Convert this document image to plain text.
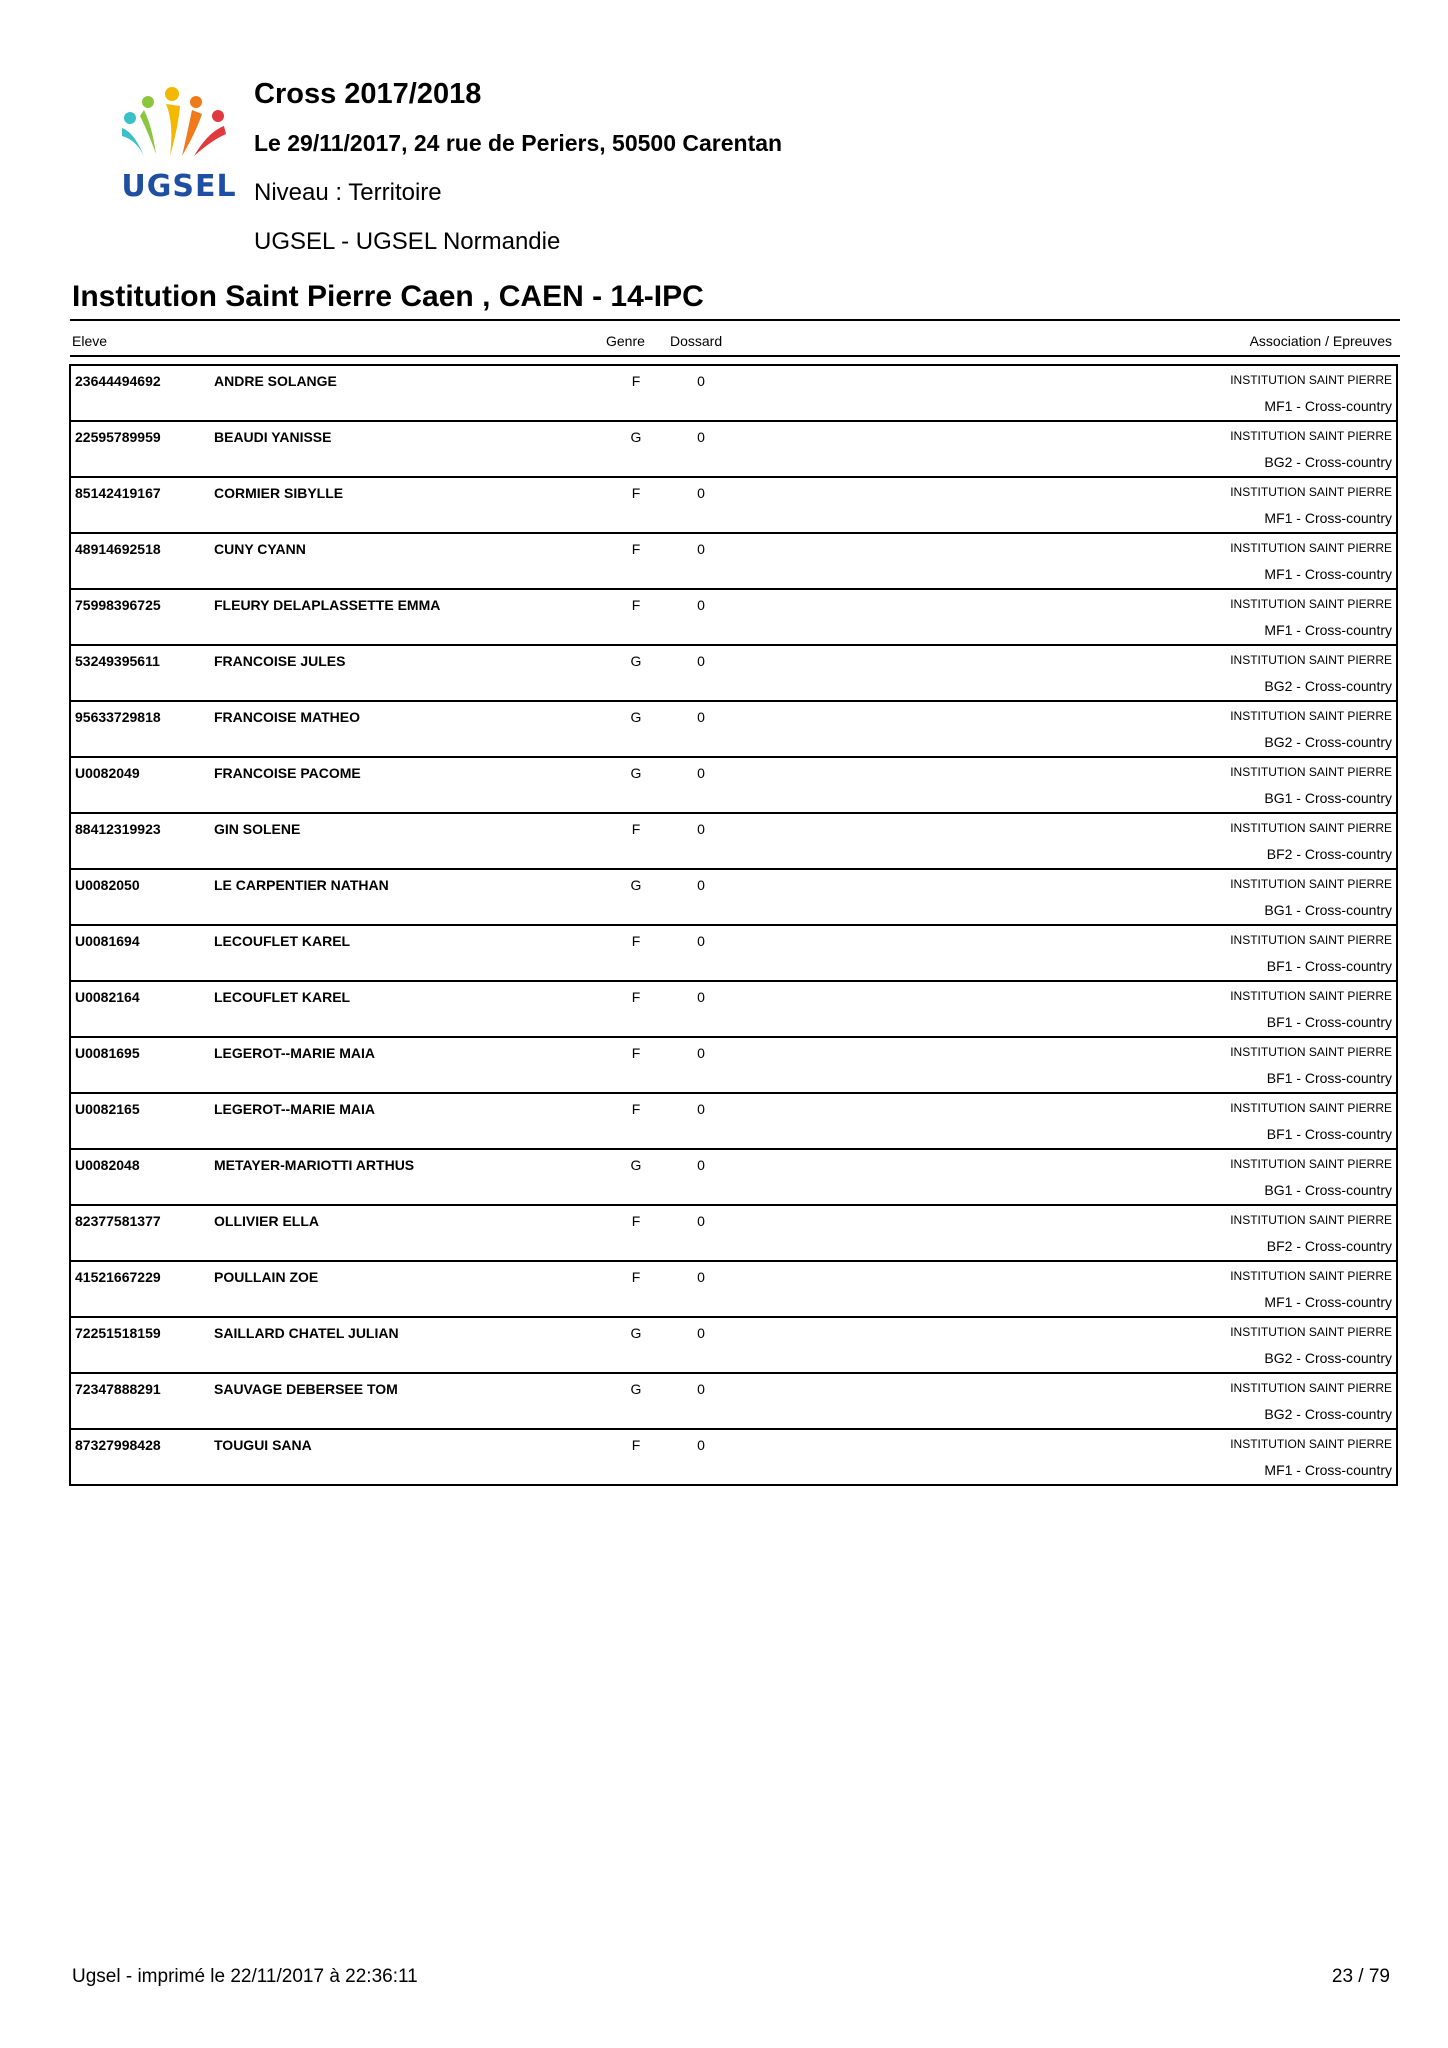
UGSEL
Cross 2017/2018
Le 29/11/2017, 24 rue de Periers, 50500 Carentan
Niveau : Territoire
UGSEL - UGSEL Normandie
Institution Saint Pierre Caen , CAEN - 14-IPC
Eleve	Genre Dossard	Association / Epreuves
23644494692	ANDRE SOLANGE	F	0	INSTITUTION SAINT PIERRE
MF1 - Cross-country
22595789959	BEAUDI YANISSE	G	0	INSTITUTION SAINT PIERRE
BG2 - Cross-country
85142419167	CORMIER SIBYLLE	F	0	INSTITUTION SAINT PIERRE
MF1 - Cross-country
48914692518	CUNY CYANN	F	0	INSTITUTION SAINT PIERRE
MF1 - Cross-country
75998396725	FLEURY DELAPLASSETTE EMMA	F	0	INSTITUTION SAINT PIERRE
MF1 - Cross-country
53249395611	FRANCOISE JULES	G	0	INSTITUTION SAINT PIERRE
BG2 - Cross-country
95633729818	FRANCOISE MATHEO	G	0	INSTITUTION SAINT PIERRE
BG2 - Cross-country
U0082049	FRANCOISE PACOME	G	0	INSTITUTION SAINT PIERRE
BG1 - Cross-country
88412319923	GIN SOLENE	F	0	INSTITUTION SAINT PIERRE
BF2 - Cross-country
U0082050	LE CARPENTIER NATHAN	G	0	INSTITUTION SAINT PIERRE
BG1 - Cross-country
U0081694	LECOUFLET KAREL	F	0	INSTITUTION SAINT PIERRE
BF1 - Cross-country
U0082164	LECOUFLET KAREL	F	0	INSTITUTION SAINT PIERRE
BF1 - Cross-country
U0081695	LEGEROT--MARIE MAIA	F	0	INSTITUTION SAINT PIERRE
BF1 - Cross-country
U0082165	LEGEROT--MARIE MAIA	F	0	INSTITUTION SAINT PIERRE
BF1 - Cross-country
U0082048	METAYER-MARIOTTI ARTHUS	G	0	INSTITUTION SAINT PIERRE
BG1 - Cross-country
82377581377	OLLIVIER ELLA	F	0	INSTITUTION SAINT PIERRE
BF2 - Cross-country
41521667229	POULLAIN ZOE	F	0	INSTITUTION SAINT PIERRE
MF1 - Cross-country
72251518159	SAILLARD CHATEL JULIAN	G	0	INSTITUTION SAINT PIERRE
BG2 - Cross-country
72347888291	SAUVAGE DEBERSEE TOM	G	0	INSTITUTION SAINT PIERRE
BG2 - Cross-country
87327998428	TOUGUI SANA	F	0	INSTITUTION SAINT PIERRE
MF1 - Cross-country
Ugsel - imprimé le 22/11/2017 à 22:36:11	23 / 79
